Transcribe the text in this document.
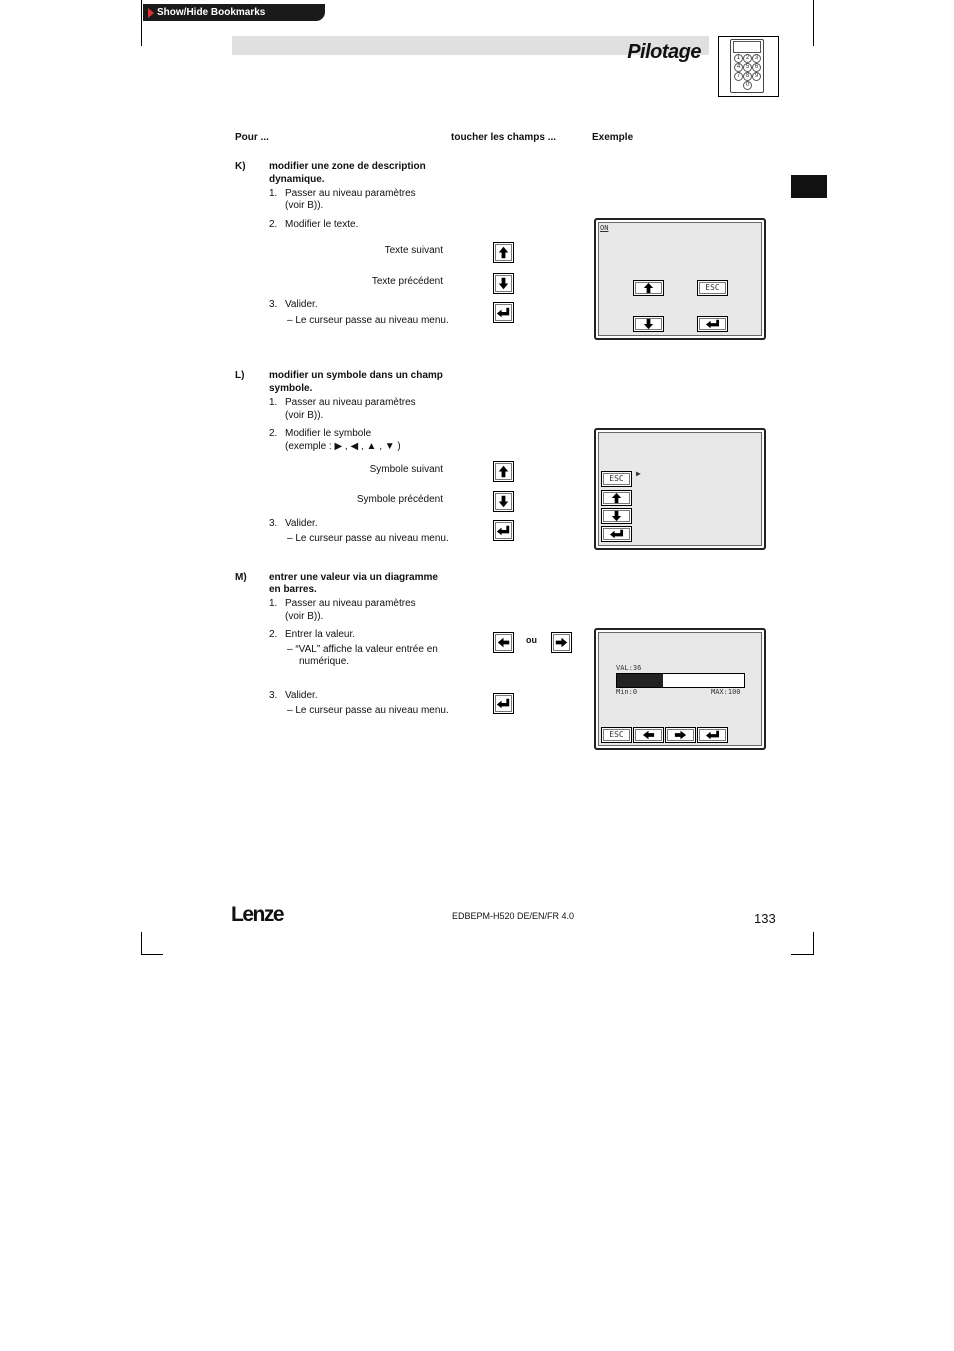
Show/Hide Bookmarks
Pilotage	1 2 3
4 5 6
7 8 9
0
Pour ...	toucher les champs ...	Exemple
K) modifier une zone de description
dynamique.
1. Passer au niveau paramètres
(voir B)).
2. Modifier le texte.
Texte suivant
Texte précédent
3. Valider.
– Le curseur passe au niveau menu.
ON
ESC
L) modifier un symbole dans un champ
symbole.
1. Passer au niveau paramètres
(voir B)).
2. Modifier le symbole
(exemple : ▶ , ◀ , ▲ , ▼ )
Symbole suivant
Symbole précédent
3. Valider.
– Le curseur passe au niveau menu.
ESC
▶
M) entrer une valeur via un diagramme
en barres.
1. Passer au niveau paramètres
(voir B)).
2. Entrer la valeur.
– “VAL” affiche la valeur entrée en
numérique.
3. Valider.
– Le curseur passe au niveau menu.
ou
VAL:36
Min:0	MAX:100
ESC
Lenze	EDBEPM-H520 DE/EN/FR 4.0	133
